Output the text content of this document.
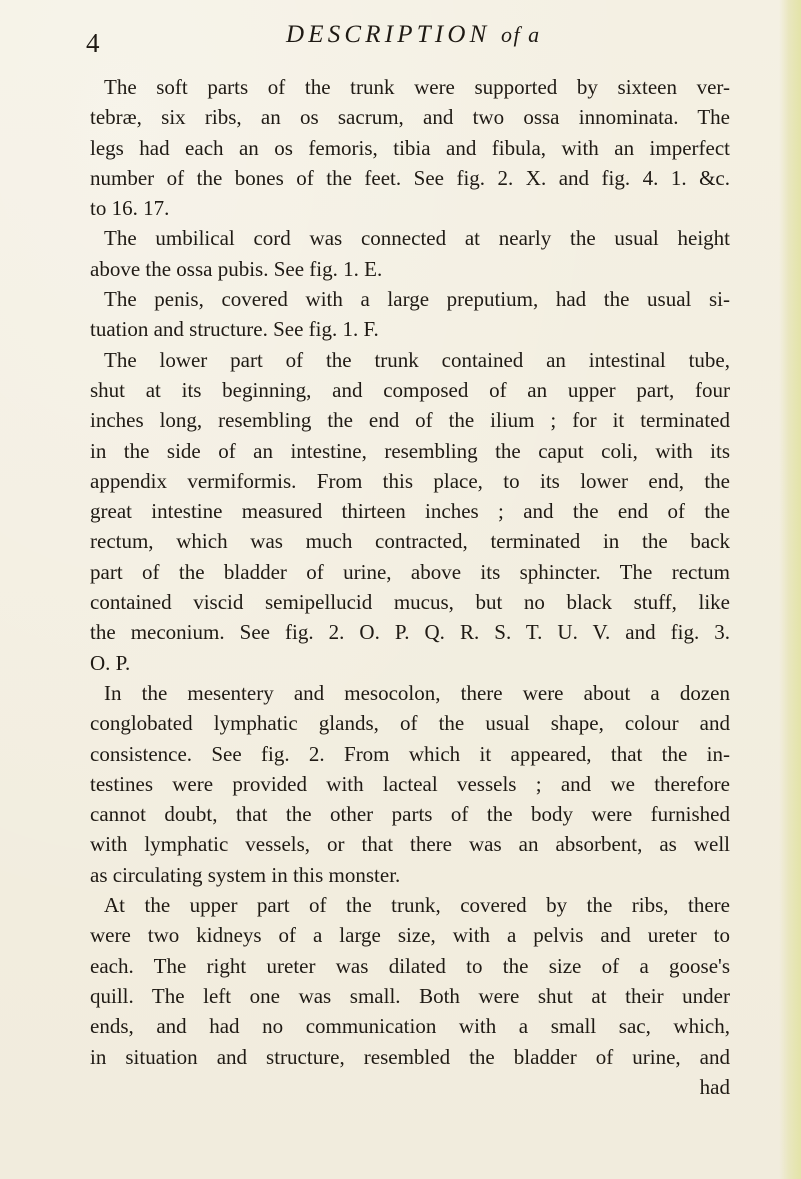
4	DESCRIPTION of a
The soft parts of the trunk were supported by sixteen ver-
tebræ, six ribs, an os sacrum, and two ossa innominata. The
legs had each an os femoris, tibia and fibula, with an imperfect
number of the bones of the feet. See fig. 2. X. and fig. 4. 1. &c.
to 16. 17.
The umbilical cord was connected at nearly the usual height
above the ossa pubis. See fig. 1. E.
The penis, covered with a large preputium, had the usual si-
tuation and structure. See fig. 1. F.
The lower part of the trunk contained an intestinal tube,
shut at its beginning, and composed of an upper part, four
inches long, resembling the end of the ilium ; for it terminated
in the side of an intestine, resembling the caput coli, with its
appendix vermiformis. From this place, to its lower end, the
great intestine measured thirteen inches ; and the end of the
rectum, which was much contracted, terminated in the back
part of the bladder of urine, above its sphincter. The rectum
contained viscid semipellucid mucus, but no black stuff, like
the meconium. See fig. 2. O. P. Q. R. S. T. U. V. and fig. 3.
O. P.
In the mesentery and mesocolon, there were about a dozen
conglobated lymphatic glands, of the usual shape, colour and
consistence. See fig. 2. From which it appeared, that the in-
testines were provided with lacteal vessels ; and we therefore
cannot doubt, that the other parts of the body were furnished
with lymphatic vessels, or that there was an absorbent, as well
as circulating system in this monster.
At the upper part of the trunk, covered by the ribs, there
were two kidneys of a large size, with a pelvis and ureter to
each. The right ureter was dilated to the size of a goose's
quill. The left one was small. Both were shut at their under
ends, and had no communication with a small sac, which,
in situation and structure, resembled the bladder of urine, and
had
